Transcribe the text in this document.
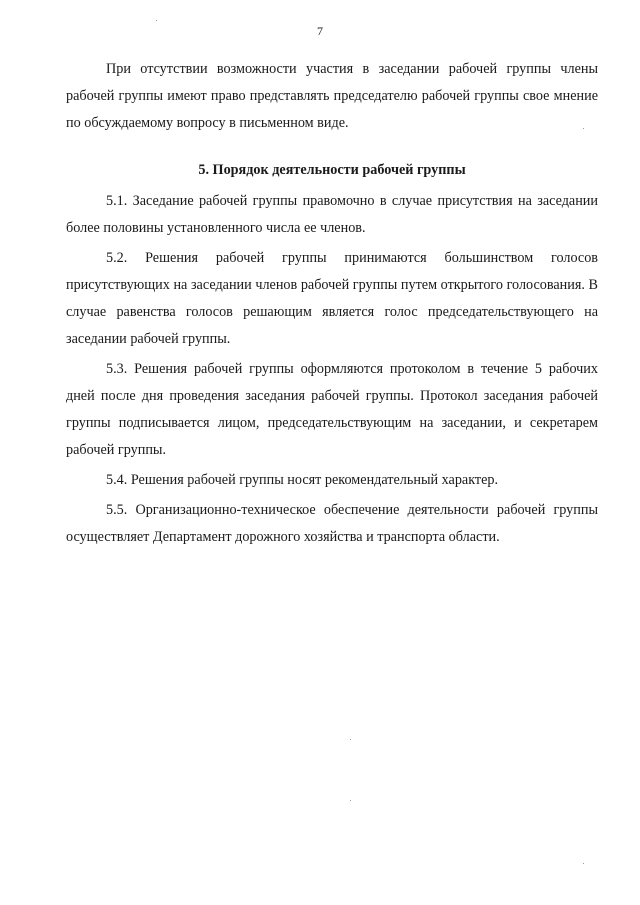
7

При отсутствии возможности участия в заседании рабочей группы члены рабочей группы имеют право представлять председателю рабочей группы свое мнение по обсуждаемому вопросу в письменном виде.

5. Порядок деятельности рабочей группы

5.1. Заседание рабочей группы правомочно в случае присутствия на заседании более половины установленного числа ее членов.

5.2. Решения рабочей группы принимаются большинством голосов присутствующих на заседании членов рабочей группы путем открытого голосования. В случае равенства голосов решающим является голос председательствующего на заседании рабочей группы.

5.3. Решения рабочей группы оформляются протоколом в течение 5 рабочих дней после дня проведения заседания рабочей группы. Протокол заседания рабочей группы подписывается лицом, председательствующим на заседании, и секретарем рабочей группы.

5.4. Решения рабочей группы носят рекомендательный характер.

5.5. Организационно-техническое обеспечение деятельности рабочей группы осуществляет Департамент дорожного хозяйства и транспорта области.
